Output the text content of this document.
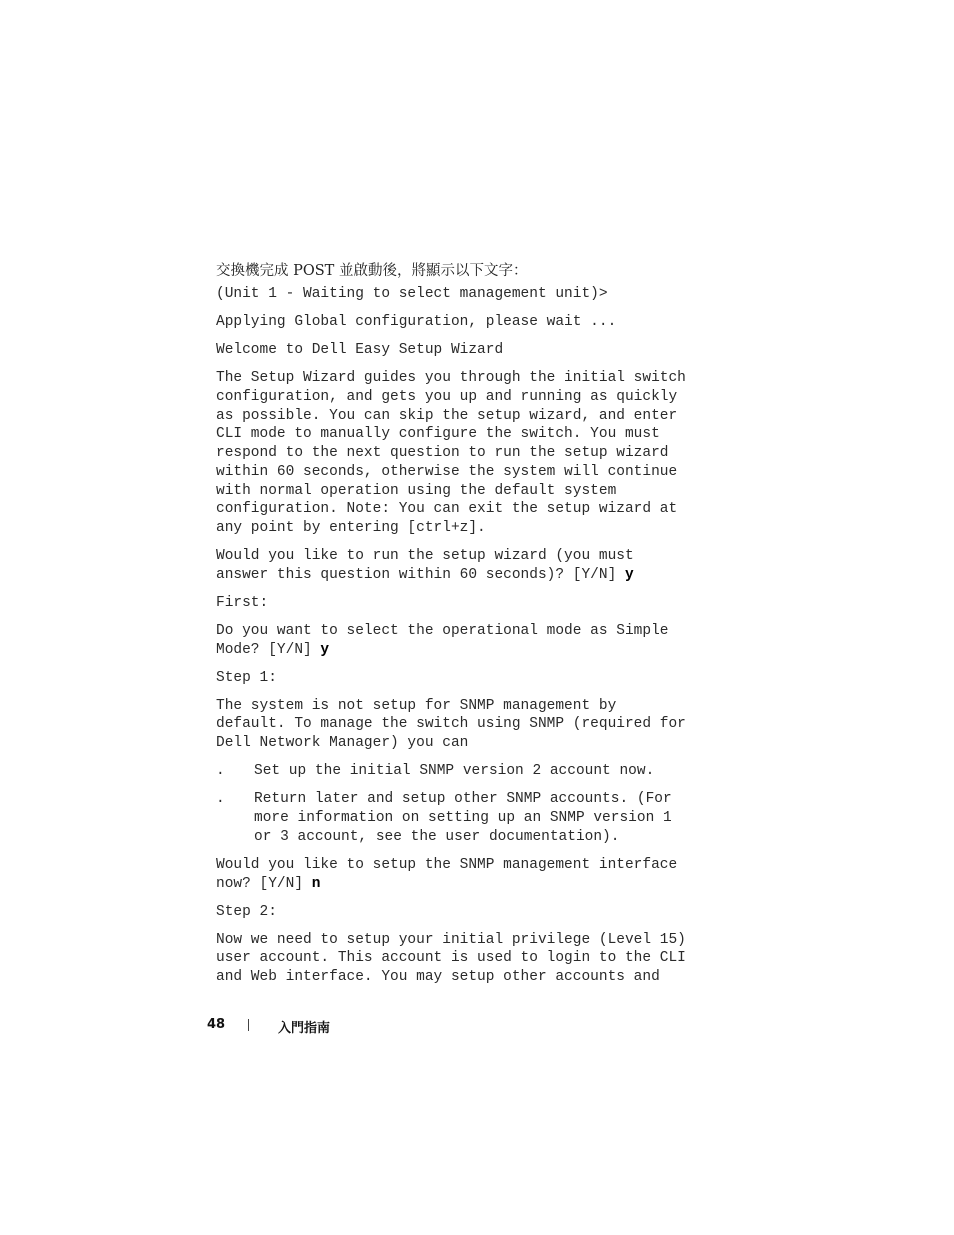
交換機完成 POST 並啟動後，將顯示以下文字：

(Unit 1 - Waiting to select management unit)>

Applying Global configuration, please wait ...

Welcome to Dell Easy Setup Wizard

The Setup Wizard guides you through the initial switch
configuration, and gets you up and running as quickly
as possible. You can skip the setup wizard, and enter
CLI mode to manually configure the switch. You must
respond to the next question to run the setup wizard
within 60 seconds, otherwise the system will continue
with normal operation using the default system
configuration. Note: You can exit the setup wizard at
any point by entering [ctrl+z].

Would you like to run the setup wizard (you must
answer this question within 60 seconds)? [Y/N] y

First:

Do you want to select the operational mode as Simple
Mode? [Y/N] y

Step 1:

The system is not setup for SNMP management by
default. To manage the switch using SNMP (required for
Dell Network Manager) you can

.	Set up the initial SNMP version 2 account now.
.	Return later and setup other SNMP accounts. (For
more information on setting up an SNMP version 1
or 3 account, see the user documentation).

Would you like to setup the SNMP management interface
now? [Y/N] n

Step 2:

Now we need to setup your initial privilege (Level 15)
user account. This account is used to login to the CLI
and Web interface. You may setup other accounts and

48	入門指南
